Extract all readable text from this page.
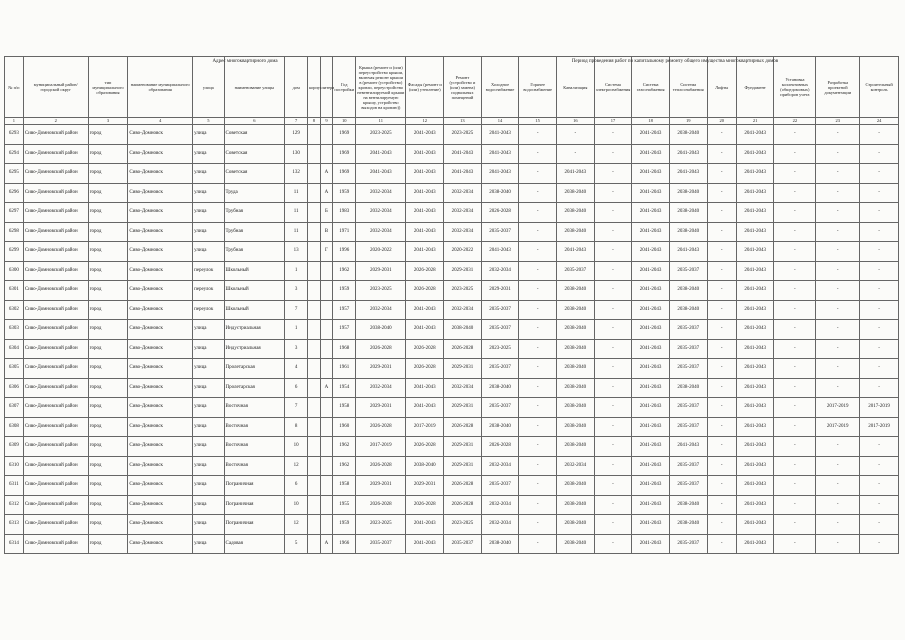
№ п/п	муниципальный район/городской округ	тип муниципального образования	наименование муниципального образования	улица	наименование улицы	дом	корпус	литера	Год постройки	Крыша (ремонт и (или) переустройство крыши, включая ремонт крыши в (ремонт (устройство) кровли, переустройство невентилируемой крыши на вентилируемую крышу, устройство выходов на кровлю))	Фасады (ремонт и (или) утепление)	Ремонт (устройство и (или) замена) подвальных помещений	Холодное водоснабжение	Горячее водоснабжение	Канализация	Система электроснабжения	Система газоснабжения	Система теплоснабжения	Лифты	Фундамент	Установка коллективных (общедомовых) приборов учета	Разработка проектной документации	Строительный контроль
1	2	3	4	5	6	7	8	9	10	11	12	13	14	15	16	17	18	19	20	21	22	23	24
6293	Сиво-Домновский район	город	Сиво-Домновск	улица	Советская	129			1969	2023-2025	2041-2043	2023-2025	2041-2043	-	-	-	2041-2043	2038-2040	-	2041-2043	-	-	-
6294	Сиво-Домновский район	город	Сиво-Домновск	улица	Советская	130			1969	2041-2043	2041-2043	2041-2043	2041-2043	-	-	-	2041-2043	2041-2043	-	2041-2043	-	-	-
6295	Сиво-Домновский район	город	Сиво-Домновск	улица	Советская	132		А	1969	2041-2043	2041-2043	2041-2043	2041-2043	-	2041-2043	-	2041-2043	2041-2043	-	2041-2043	-	-	-
6296	Сиво-Домновский район	город	Сиво-Домновск	улица	Труда	11		А	1959	2032-2034	2041-2043	2032-2034	2038-2040	-	2038-2040	-	2041-2043	2038-2040	-	2041-2043	-	-	-
6297	Сиво-Домновский район	город	Сиво-Домновск	улица	Трубная	11		Б	1983	2032-2034	2041-2043	2032-2034	2026-2028	-	2038-2040	-	2041-2043	2038-2040	-	2041-2043	-	-	-
6298	Сиво-Домновский район	город	Сиво-Домновск	улица	Трубная	11		В	1971	2032-2034	2041-2043	2032-2034	2035-2037	-	2038-2040	-	2041-2043	2038-2040	-	2041-2043	-	-	-
6299	Сиво-Домновский район	город	Сиво-Домновск	улица	Трубная	13		Г	1996	2020-2022	2041-2043	2020-2022	2041-2043	-	2041-2043	-	2041-2043	2041-2043	-	2041-2043	-	-	-
6300	Сиво-Домновский район	город	Сиво-Домновск	переулок	Школьный	1			1962	2029-2031	2026-2028	2029-2031	2032-2034	-	2035-2037	-	2041-2043	2035-2037	-	2041-2043	-	-	-
6301	Сиво-Домновский район	город	Сиво-Домновск	переулок	Школьный	3			1959	2023-2025	2026-2028	2023-2025	2029-2031	-	2038-2040	-	2041-2043	2038-2040	-	2041-2043	-	-	-
6302	Сиво-Домновский район	город	Сиво-Домновск	переулок	Школьный	7			1957	2032-2034	2041-2043	2032-2034	2035-2037	-	2038-2040	-	2041-2043	2038-2040	-	2041-2043	-	-	-
6303	Сиво-Домновский район	город	Сиво-Домновск	улица	Индустриальная	1			1957	2038-2040	2041-2043	2038-2040	2035-2037	-	2038-2040	-	2041-2043	2035-2037	-	2041-2043	-	-	-
6304	Сиво-Домновский район	город	Сиво-Домновск	улица	Индустриальная	3			1968	2026-2028	2026-2028	2026-2028	2023-2025	-	2038-2040	-	2041-2043	2035-2037	-	2041-2043	-	-	-
6305	Сиво-Домновский район	город	Сиво-Домновск	улица	Пролетарская	4			1961	2029-2031	2026-2028	2029-2031	2035-2037	-	2038-2040	-	2041-2043	2035-2037	-	2041-2043	-	-	-
6306	Сиво-Домновский район	город	Сиво-Домновск	улица	Пролетарская	6		А	1954	2032-2034	2041-2043	2032-2034	2038-2040	-	2038-2040	-	2041-2043	2038-2040	-	2041-2043	-	-	-
6307	Сиво-Домновский район	город	Сиво-Домновск	улица	Восточная	7			1958	2029-2031	2041-2043	2029-2031	2035-2037	-	2038-2040	-	2041-2043	2035-2037	-	2041-2043	-	2017-2019	2017-2019
6308	Сиво-Домновский район	город	Сиво-Домновск	улица	Восточная	8			1960	2026-2028	2017-2019	2026-2028	2038-2040	-	2038-2040	-	2041-2043	2035-2037	-	2041-2043	-	2017-2019	2017-2019
6309	Сиво-Домновский район	город	Сиво-Домновск	улица	Восточная	10			1962	2017-2019	2026-2028	2029-2031	2026-2028	-	2038-2040	-	2041-2043	2041-2043	-	2041-2043	-	-	-
6310	Сиво-Домновский район	город	Сиво-Домновск	улица	Восточная	12			1962	2026-2028	2038-2040	2029-2031	2032-2034	-	2032-2034	-	2041-2043	2035-2037	-	2041-2043	-	-	-
6311	Сиво-Домновский район	город	Сиво-Домновск	улица	Пограничная	6			1958	2029-2031	2029-2031	2026-2028	2035-2037	-	2038-2040	-	2041-2043	2035-2037	-	2041-2043	-	-	-
6312	Сиво-Домновский район	город	Сиво-Домновск	улица	Пограничная	10			1955	2026-2028	2026-2028	2026-2028	2032-2034	-	2038-2040	-	2041-2043	2038-2040	-	2041-2043	-	-	-
6313	Сиво-Домновский район	город	Сиво-Домновск	улица	Пограничная	12			1959	2023-2025	2041-2043	2023-2025	2032-2034	-	2038-2040	-	2041-2043	2038-2040	-	2041-2043	-	-	-
6314	Сиво-Домновский район	город	Сиво-Домновск	улица	Садовая	5		А	1966	2035-2037	2041-2043	2035-2037	2038-2040	-	2038-2040	-	2041-2043	2035-2037	-	2041-2043	-	-	-
Адрес многоквартирного дома	Период проведения работ по капитальному ремонту общего имущества многоквартирных домов
